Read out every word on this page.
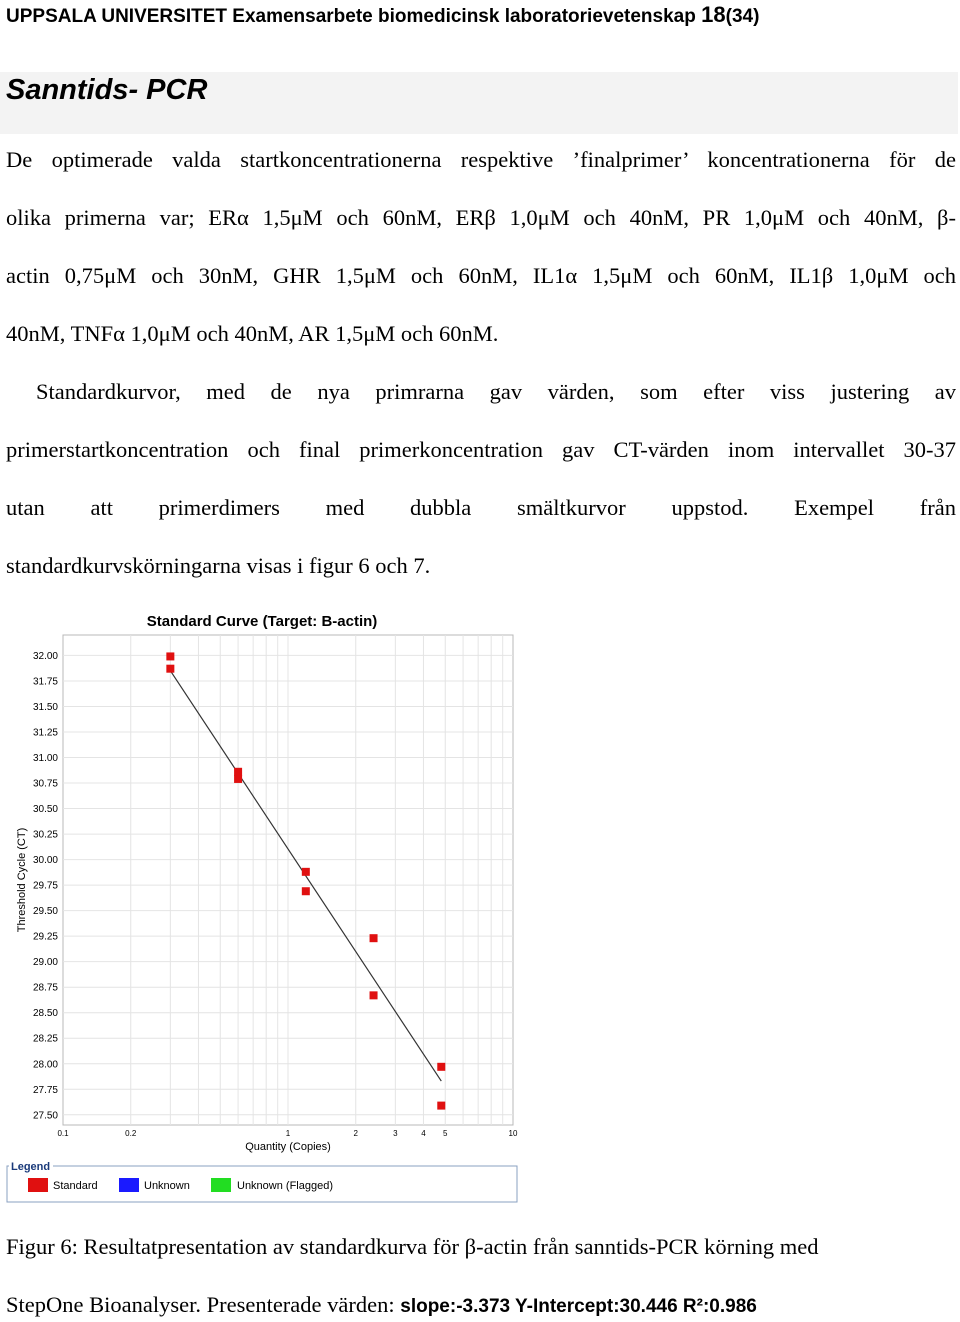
UPPSALA UNIVERSITET Examensarbete biomedicinsk laboratorievetenskap 18(34)
Sanntids- PCR
De optimerade valda startkoncentrationerna respektive ’finalprimer’ koncentrationerna för de
olika primerna var; ERα 1,5μM och 60nM, ERβ 1,0μM och 40nM, PR 1,0μM och 40nM, β-
actin 0,75μM och 30nM, GHR 1,5μM och 60nM, IL1α 1,5μM och 60nM, IL1β 1,0μM och
40nM, TNFα 1,0μM och 40nM, AR 1,5μM och 60nM.
Standardkurvor, med de nya primrarna gav värden, som efter viss justering av
primerstartkoncentration och final primerkoncentration gav CT-värden inom intervallet 30-37
utan att primerdimers med dubbla smältkurvor uppstod. Exempel från
standardkurvskörningarna visas i figur 6 och 7.
Standard Curve (Target: B-actin)
27.50
27.75
28.00
28.25
28.50
28.75
29.00
29.25
29.50
29.75
30.00
30.25
30.50
30.75
31.00
31.25
31.50
31.75
32.00
0.1	0.2	1	2	3	4 5	10
Quantity (Copies)
Threshold Cycle (CT)
Legend
Standard	Unknown	Unknown (Flagged)
Figur 6: Resultatpresentation av standardkurva för β-actin från sanntids-PCR körning med
StepOne Bioanalyser. Presenterade värden: slope:-3.373 Y-Intercept:30.446 R²:0.986
